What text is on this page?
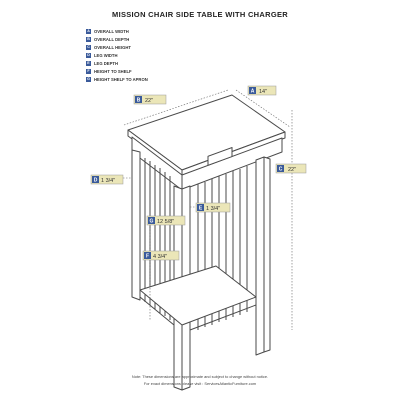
MISSION CHAIR SIDE TABLE WITH CHARGER
A OVERALL WIDTH
B OVERALL DEPTH
C OVERALL HEIGHT
D LEG WIDTH
E	LEG DEPTH
F	HEIGHT TO SHELF
G HEIGHT SHELF TO APRON
B 22"
A 14"
C 22"
D 1 3/4"
E 1 3/4"
G 12 5/8"
F 4 3/4"
Note: These dimensions are approximate and subject to change without notice.
For exact dimensions please visit : ServicesAtlanticFurniture.com
